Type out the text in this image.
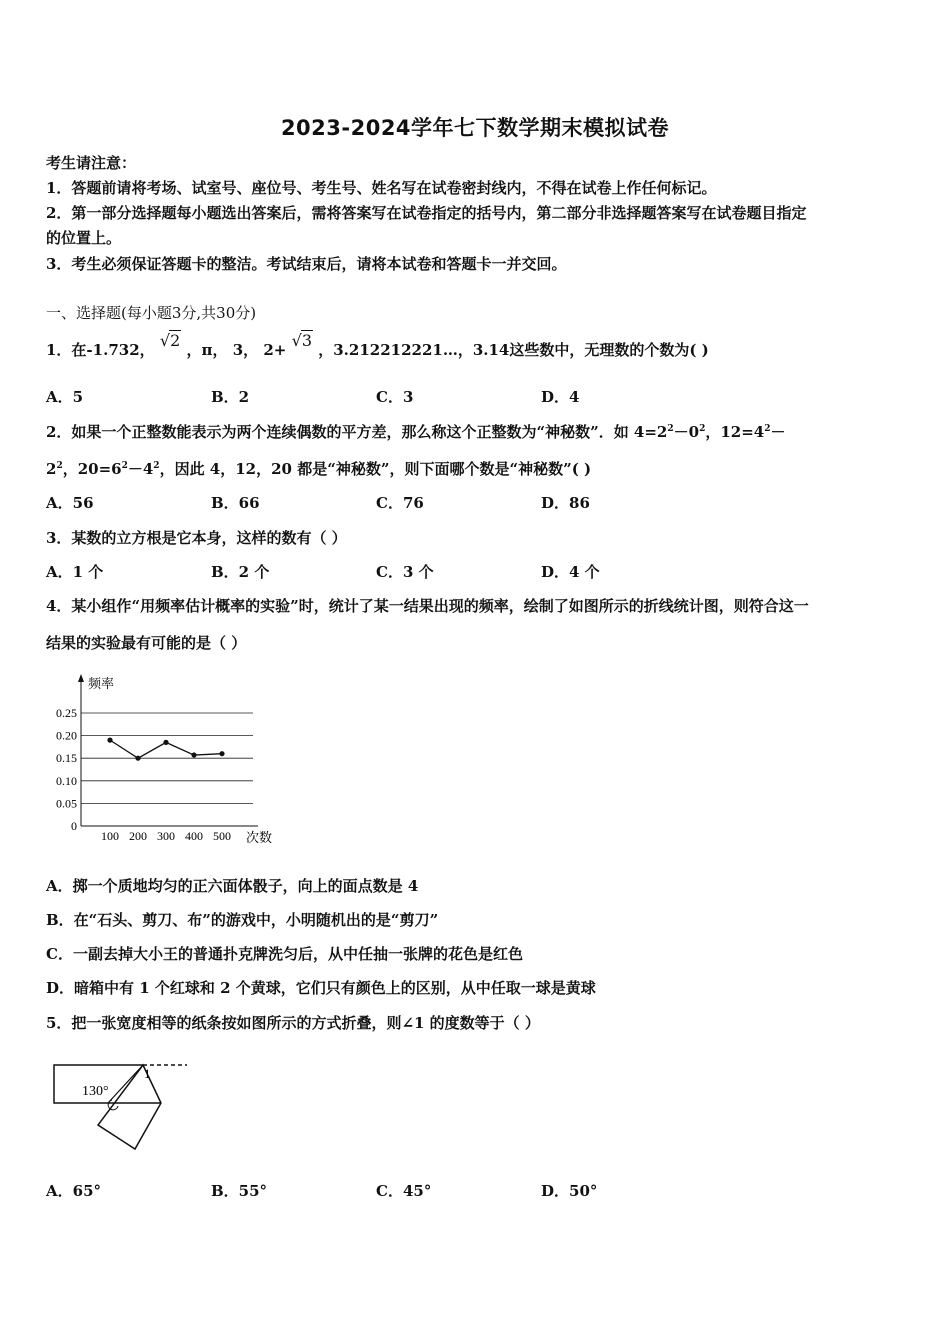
2023-2024学年七下数学期末模拟试卷
考生请注意：
1．答题前请将考场、试室号、座位号、考生号、姓名写在试卷密封线内，不得在试卷上作任何标记。
2．第一部分选择题每小题选出答案后，需将答案写在试卷指定的括号内，第二部分非选择题答案写在试卷题目指定
的位置上。
3．考生必须保证答题卡的整洁。考试结束后，请将本试卷和答题卡一并交回。
一、选择题(每小题3分,共30分)
1．在-1.732， √2 ，π， 3， 2+ √3 ，3.212212221…，3.14这些数中，无理数的个数为( )
A．5	B．2	C．3	D．4
2．如果一个正整数能表示为两个连续偶数的平方差，那么称这个正整数为“神秘数”．如 $4=2^2-0^2$，$12=4^2-$
$2^2$，$20=6^2-4^2$，因此 4，12，20 都是“神秘数”，则下面哪个数是“神秘数”( )
A．56	B．66	C．76	D．86
3．某数的立方根是它本身，这样的数有（ ）
A．1 个	B．2 个	C．3 个	D．4 个
4．某小组作“用频率估计概率的实验”时，统计了某一结果出现的频率，绘制了如图所示的折线统计图，则符合这一
结果的实验最有可能的是（ ）
频率
次数
0.25
0.20
0.15
0.10
0.05
0
100 200 300 400 500
A．掷一个质地均匀的正六面体骰子，向上的面点数是 4
B．在“石头、剪刀、布”的游戏中，小明随机出的是“剪刀”
C．一副去掉大小王的普通扑克牌洗匀后，从中任抽一张牌的花色是红色
D．暗箱中有 1 个红球和 2 个黄球，它们只有颜色上的区别，从中任取一球是黄球
5．把一张宽度相等的纸条按如图所示的方式折叠，则∠1 的度数等于（ ）
130°
1
A．65°	B．55°	C．45°	D．50°
